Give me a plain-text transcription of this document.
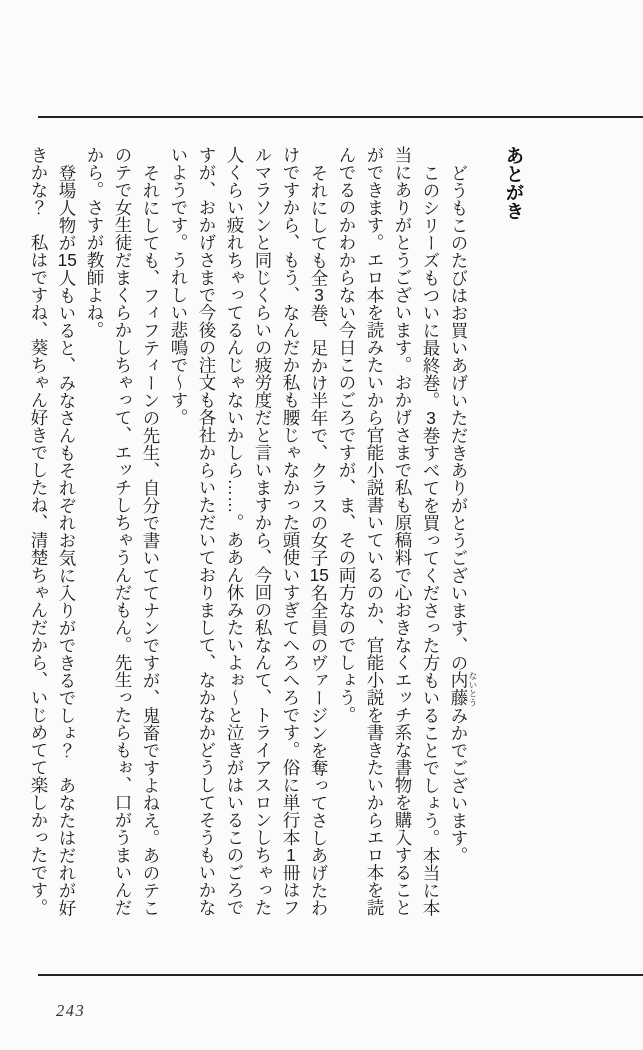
あとがき

どうもこのたびはお買いあげいただきありがとうございます、の内藤 ないとうみかでございます。

このシリーズもついに最終巻。3巻すべてを買ってくださった方もいることでしょう。本当に本当にありがとうございます。おかげさまで私も原稿料で心おきなくエッチ系な書物を購入することができます。エロ本を読みたいから官能小説書いているのか、官能小説を書きたいからエロ本を読んでるのかわからない今日このごろですが、ま、その両方なのでしょう。

それにしても全3巻、足かけ半年で、クラスの女子15名全員のヴァージンを奪ってさしあげたわけですから、もう、なんだか私も腰じゃなかった頭使いすぎてへろへろです。俗に単行本1冊はフルマラソンと同じくらいの疲労度だと言いますから、今回の私なんて、トライアスロンしちゃった人くらい疲れちゃってるんじゃないかしら……。ああん休みたいよぉ〜と泣きがはいるこのごろですが、おかげさまで今後の注文も各社からいただいておりまして、なかなかどうしてそうもいかないようです。うれしい悲鳴で〜す。

それにしても、フィフティーンの先生、自分で書いててナンですが、鬼畜ですよねえ。あのテこのテで女生徒だまくらかしちゃって、エッチしちゃうんだもん。先生ったらもぉ、口がうまいんだから。さすが教師よね。

登場人物が15人もいると、みなさんもそれぞれお気に入りができるでしょ？　あなたはだれが好きかな？　私はですね、葵ちゃん好きでしたね、清楚ちゃんだから、いじめてて楽しかったです。

243
